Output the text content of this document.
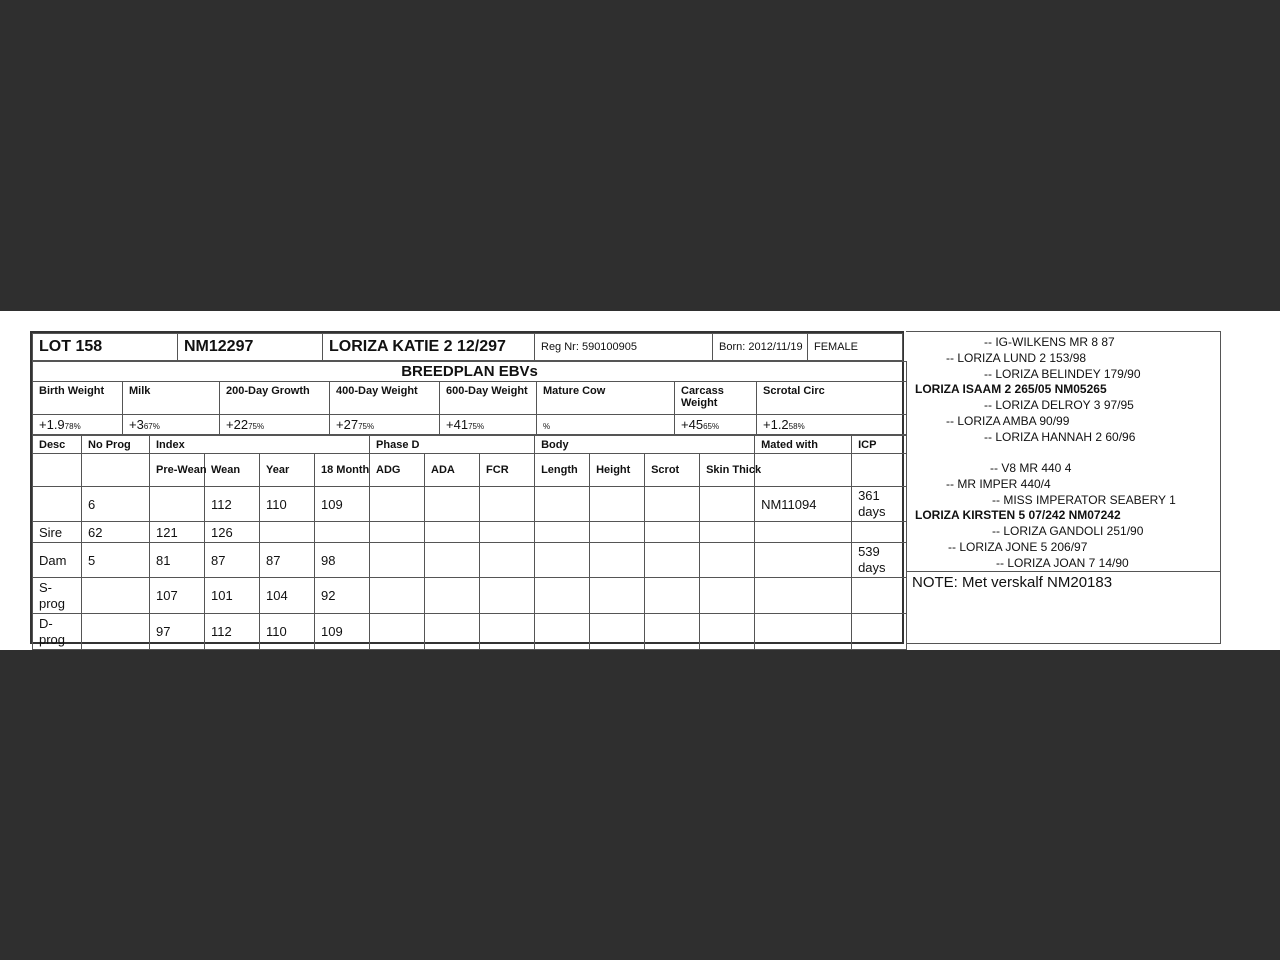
LOT 158	NM12297	LORIZA KATIE 2 12/297	Reg Nr: 590100905	Born: 2012/11/19	FEMALE
BREEDPLAN EBVs							
Birth Weight	Milk	200-Day Growth	400-Day Weight	600-Day Weight	Mature Cow	Carcass Weight	Scrotal Circ
+1.978%	+367%	+2275%	+2775%	+4175%	%	+4565%	+1.258%
Desc	No Prog	Index				Phase D			Body				Mated with	ICP
		Pre-Wean	Wean	Year	18 Month	ADG	ADA	FCR	Length	Height	Scrot	Skin Thick		
	6		112	110	109								NM11094	361 days
Sire	62	121	126											
Dam	5	81	87	87	98									539 days
S-prog		107	101	104	92									
D-prog		97	112	110	109									
-- IG-WILKENS MR 8 87
-- LORIZA LUND 2 153/98
-- LORIZA BELINDEY 179/90
LORIZA ISAAM 2 265/05 NM05265
-- LORIZA DELROY 3 97/95
-- LORIZA AMBA 90/99
-- LORIZA HANNAH 2 60/96
-- V8 MR 440 4
-- MR IMPER 440/4
-- MISS IMPERATOR SEABERY 1
LORIZA KIRSTEN 5 07/242 NM07242
-- LORIZA GANDOLI 251/90
-- LORIZA JONE 5 206/97
-- LORIZA JOAN 7 14/90
NOTE: Met verskalf NM20183
